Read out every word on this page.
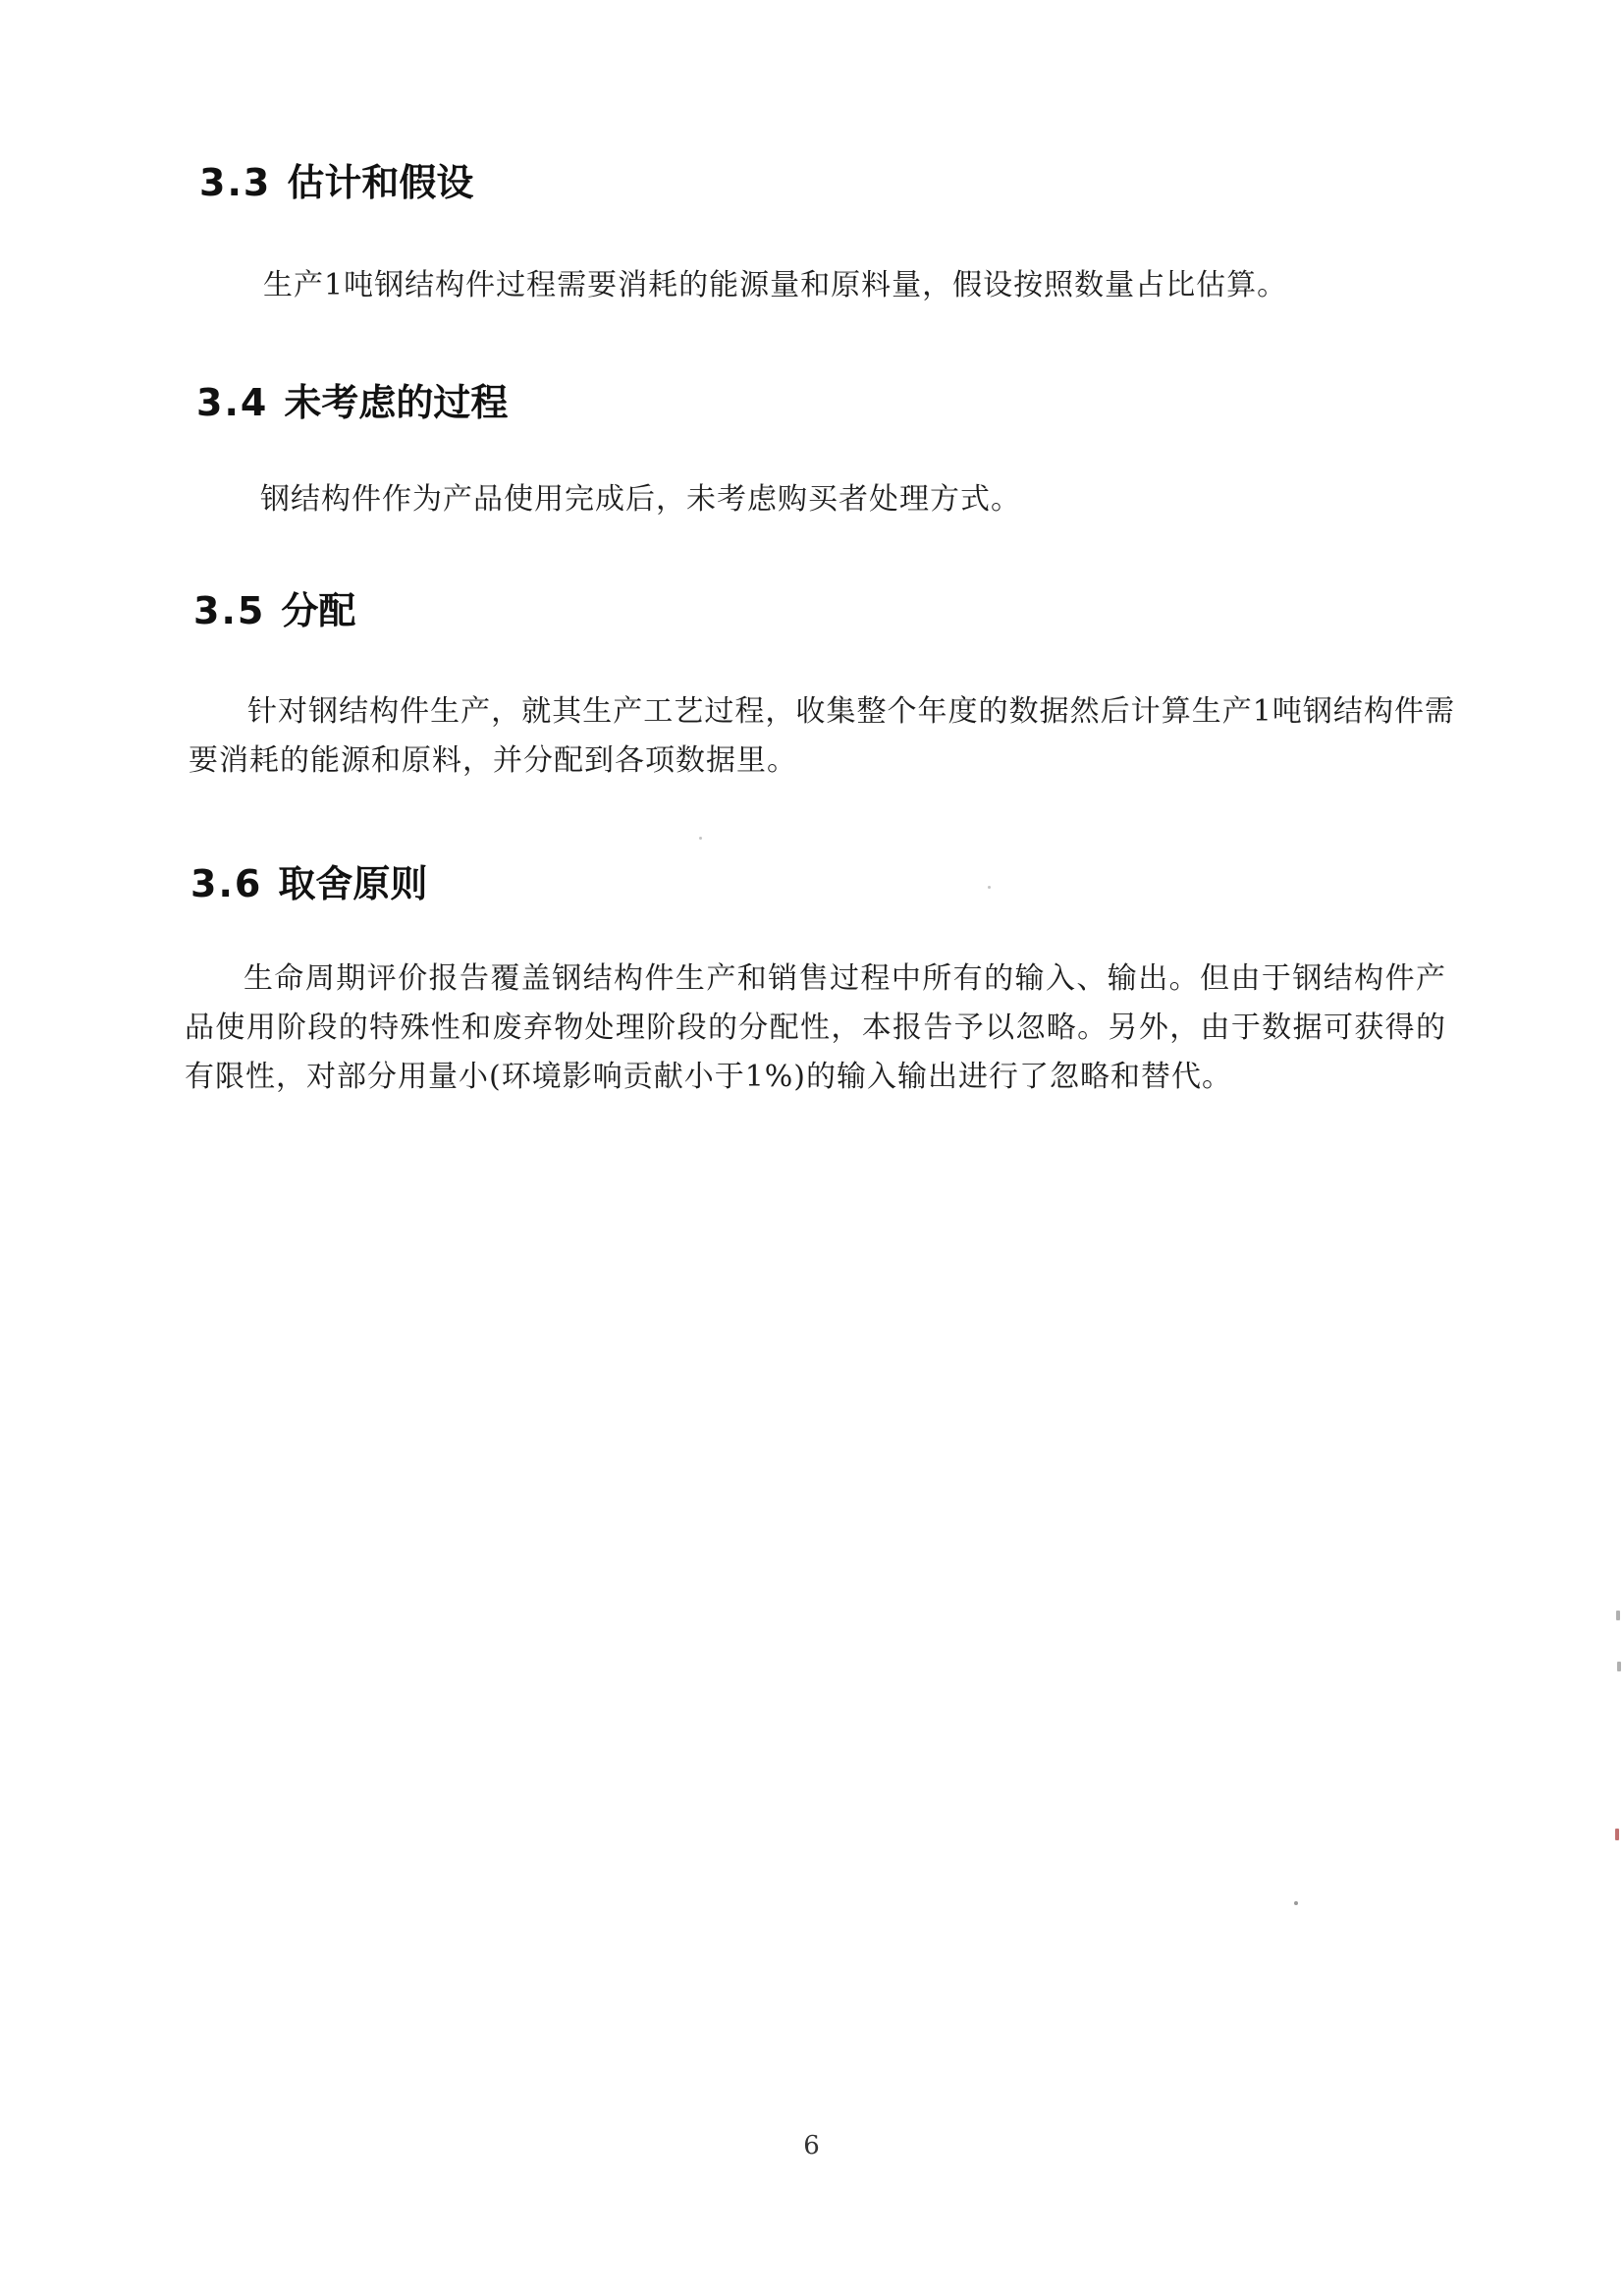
3.3 估计和假设
生产1吨钢结构件过程需要消耗的能源量和原料量，假设按照数量占比估算。
3.4 未考虑的过程
钢结构件作为产品使用完成后，未考虑购买者处理方式。
3.5 分配
针对钢结构件生产，就其生产工艺过程，收集整个年度的数据然后计算生产1吨钢结构件需要消耗的能源和原料，并分配到各项数据里。
3.6 取舍原则
生命周期评价报告覆盖钢结构件生产和销售过程中所有的输入、输出。但由于钢结构件产品使用阶段的特殊性和废弃物处理阶段的分配性，本报告予以忽略。另外，由于数据可获得的有限性，对部分用量小(环境影响贡献小于1%)的输入输出进行了忽略和替代。
6
